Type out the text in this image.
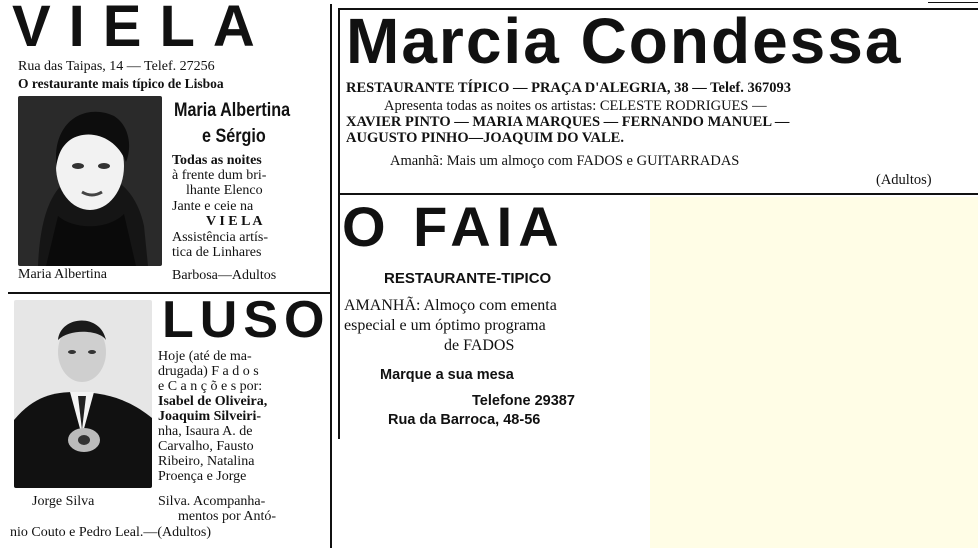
VIELA
Rua das Taipas, 14 — Telef. 27256
O restaurante mais típico de Lisboa
Maria Albertina
Maria Albertina
e Sérgio
Todas as noites
à frente dum bri-
lhante Elenco
Jante e ceie na
V I E L A
Assistência artís-
tica de Linhares
Barbosa—Adultos
Jorge Silva
LUSO
Hoje (até de ma-
drugada) F a d o s
e C a n ç õ e s por:
Isabel de Oliveira,
Joaquim Silveiri-
nha, Isaura A. de
Carvalho, Fausto
Ribeiro, Natalina
Proença e Jorge
Silva. Acompanha-
mentos por Antó-
nio Couto e Pedro Leal.—(Adultos)
Marcia Condessa
RESTAURANTE TÍPICO — PRAÇA D'ALEGRIA, 38 — Telef. 367093
Apresenta todas as noites os artistas: CELESTE RODRIGUES —
XAVIER PINTO — MARIA MARQUES — FERNANDO MANUEL —
AUGUSTO PINHO—JOAQUIM DO VALE.
Amanhã: Mais um almoço com FADOS e GUITARRADAS
(Adultos)
O FAIA
RESTAURANTE-TIPICO
AMANHÃ: Almoço com ementa
especial e um óptimo programa
de FADOS
Marque a sua mesa
Telefone 29387
Rua da Barroca, 48-56
